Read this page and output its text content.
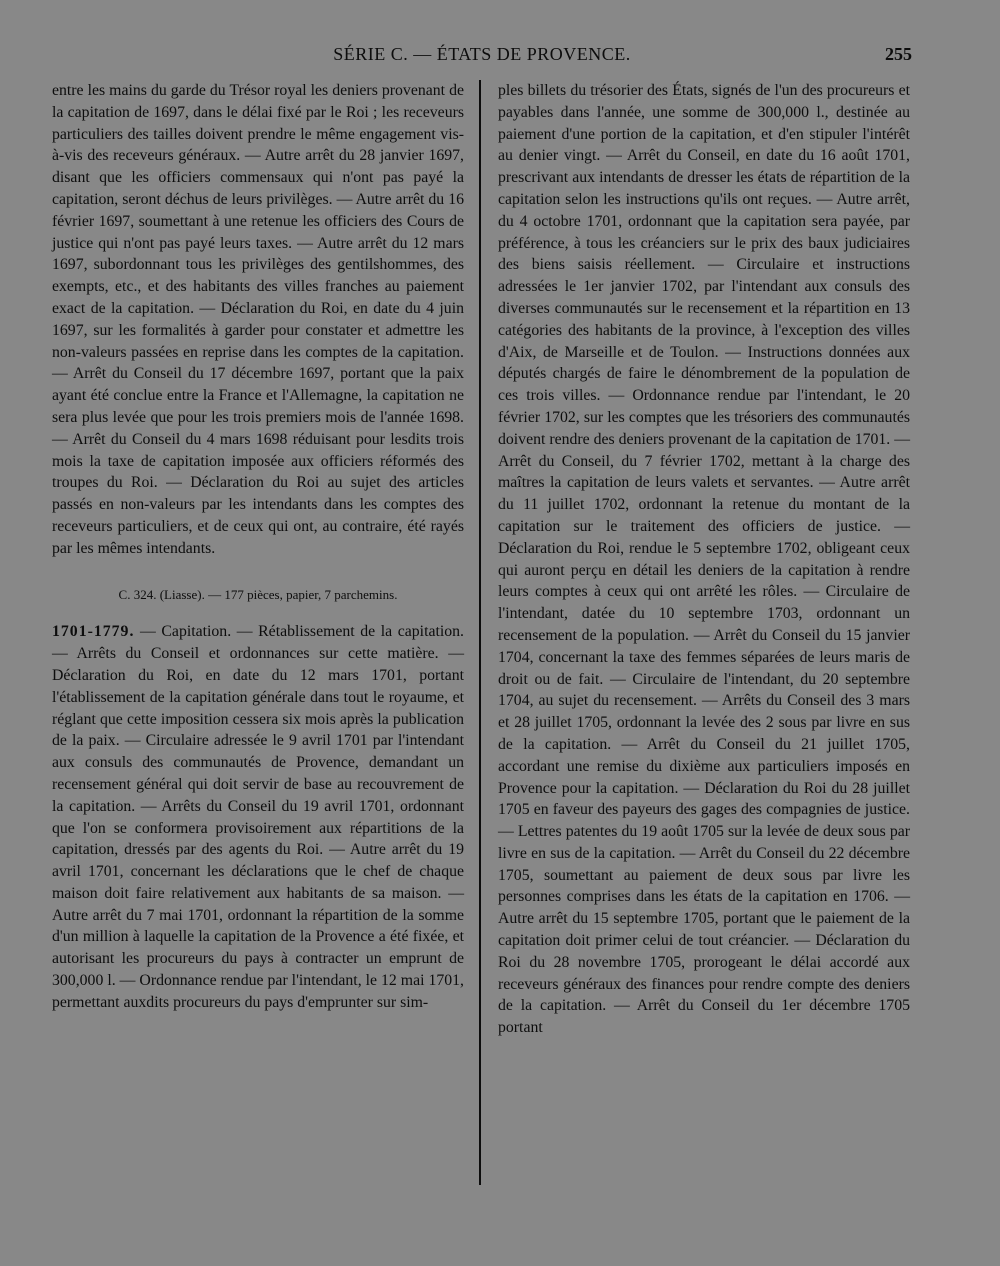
SÉRIE C. — ÉTATS DE PROVENCE.	255

entre les mains du garde du Trésor royal les deniers provenant de la capitation de 1697, dans le délai fixé par le Roi ; les receveurs particuliers des tailles doivent prendre le même engagement vis-à-vis des receveurs généraux. — Autre arrêt du 28 janvier 1697, disant que les officiers commensaux qui n'ont pas payé la capitation, seront déchus de leurs privilèges. — Autre arrêt du 16 février 1697, soumettant à une retenue les officiers des Cours de justice qui n'ont pas payé leurs taxes. — Autre arrêt du 12 mars 1697, subordonnant tous les privilèges des gentilshommes, des exempts, etc., et des habitants des villes franches au paiement exact de la capitation. — Déclaration du Roi, en date du 4 juin 1697, sur les formalités à garder pour constater et admettre les non-valeurs passées en reprise dans les comptes de la capitation. — Arrêt du Conseil du 17 décembre 1697, portant que la paix ayant été conclue entre la France et l'Allemagne, la capitation ne sera plus levée que pour les trois premiers mois de l'année 1698. — Arrêt du Conseil du 4 mars 1698 réduisant pour lesdits trois mois la taxe de capitation imposée aux officiers réformés des troupes du Roi. — Déclaration du Roi au sujet des articles passés en non-valeurs par les intendants dans les comptes des receveurs particuliers, et de ceux qui ont, au contraire, été rayés par les mêmes intendants.

C. 324. (Liasse). — 177 pièces, papier, 7 parchemins.

1701-1779. — Capitation. — Rétablissement de la capitation. — Arrêts du Conseil et ordonnances sur cette matière. — Déclaration du Roi, en date du 12 mars 1701, portant l'établissement de la capitation générale dans tout le royaume, et réglant que cette imposition cessera six mois après la publication de la paix. — Circulaire adressée le 9 avril 1701 par l'intendant aux consuls des communautés de Provence, demandant un recensement général qui doit servir de base au recouvrement de la capitation. — Arrêts du Conseil du 19 avril 1701, ordonnant que l'on se conformera provisoirement aux répartitions de la capitation, dressés par des agents du Roi. — Autre arrêt du 19 avril 1701, concernant les déclarations que le chef de chaque maison doit faire relativement aux habitants de sa maison. — Autre arrêt du 7 mai 1701, ordonnant la répartition de la somme d'un million à laquelle la capitation de la Provence a été fixée, et autorisant les procureurs du pays à contracter un emprunt de 300,000 l. — Ordonnance rendue par l'intendant, le 12 mai 1701, permettant auxdits procureurs du pays d'emprunter sur sim-

ples billets du trésorier des États, signés de l'un des procureurs et payables dans l'année, une somme de 300,000 l., destinée au paiement d'une portion de la capitation, et d'en stipuler l'intérêt au denier vingt. — Arrêt du Conseil, en date du 16 août 1701, prescrivant aux intendants de dresser les états de répartition de la capitation selon les instructions qu'ils ont reçues. — Autre arrêt, du 4 octobre 1701, ordonnant que la capitation sera payée, par préférence, à tous les créanciers sur le prix des baux judiciaires des biens saisis réellement. — Circulaire et instructions adressées le 1er janvier 1702, par l'intendant aux consuls des diverses communautés sur le recensement et la répartition en 13 catégories des habitants de la province, à l'exception des villes d'Aix, de Marseille et de Toulon. — Instructions données aux députés chargés de faire le dénombrement de la population de ces trois villes. — Ordonnance rendue par l'intendant, le 20 février 1702, sur les comptes que les trésoriers des communautés doivent rendre des deniers provenant de la capitation de 1701. — Arrêt du Conseil, du 7 février 1702, mettant à la charge des maîtres la capitation de leurs valets et servantes. — Autre arrêt du 11 juillet 1702, ordonnant la retenue du montant de la capitation sur le traitement des officiers de justice. — Déclaration du Roi, rendue le 5 septembre 1702, obligeant ceux qui auront perçu en détail les deniers de la capitation à rendre leurs comptes à ceux qui ont arrêté les rôles. — Circulaire de l'intendant, datée du 10 septembre 1703, ordonnant un recensement de la population. — Arrêt du Conseil du 15 janvier 1704, concernant la taxe des femmes séparées de leurs maris de droit ou de fait. — Circulaire de l'intendant, du 20 septembre 1704, au sujet du recensement. — Arrêts du Conseil des 3 mars et 28 juillet 1705, ordonnant la levée des 2 sous par livre en sus de la capitation. — Arrêt du Conseil du 21 juillet 1705, accordant une remise du dixième aux particuliers imposés en Provence pour la capitation. — Déclaration du Roi du 28 juillet 1705 en faveur des payeurs des gages des compagnies de justice. — Lettres patentes du 19 août 1705 sur la levée de deux sous par livre en sus de la capitation. — Arrêt du Conseil du 22 décembre 1705, soumettant au paiement de deux sous par livre les personnes comprises dans les états de la capitation en 1706. — Autre arrêt du 15 septembre 1705, portant que le paiement de la capitation doit primer celui de tout créancier. — Déclaration du Roi du 28 novembre 1705, prorogeant le délai accordé aux receveurs généraux des finances pour rendre compte des deniers de la capitation. — Arrêt du Conseil du 1er décembre 1705 portant
